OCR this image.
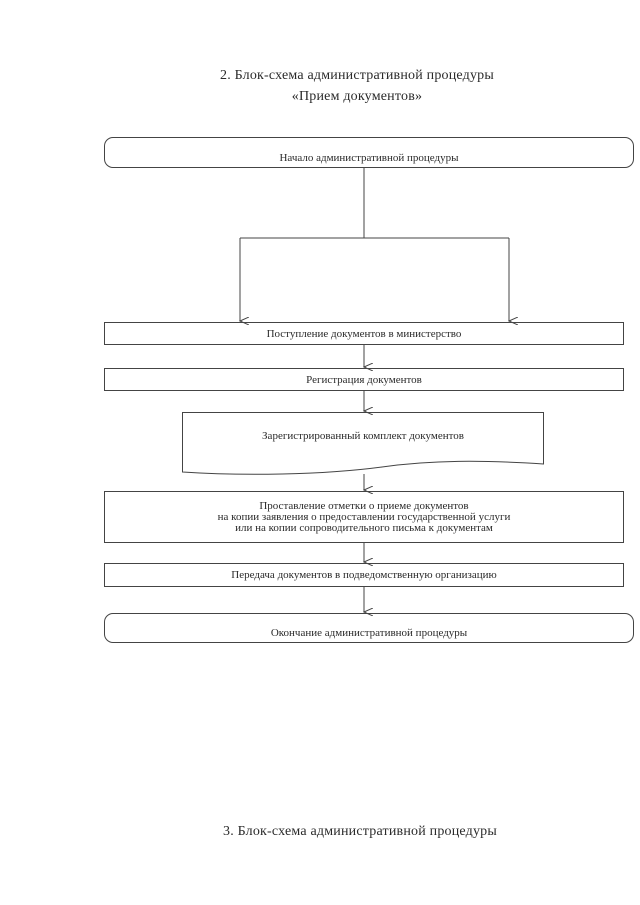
2. Блок-схема административной процедуры
«Прием документов»
Начало административной процедуры
Поступление документов в министерство
Регистрация документов
Зарегистрированный комплект документов
Проставление отметки о приеме документов
на копии заявления о предоставлении государственной услуги
или на копии сопроводительного письма к документам
Передача документов в подведомственную организацию
Окончание административной процедуры
3. Блок-схема административной процедуры
